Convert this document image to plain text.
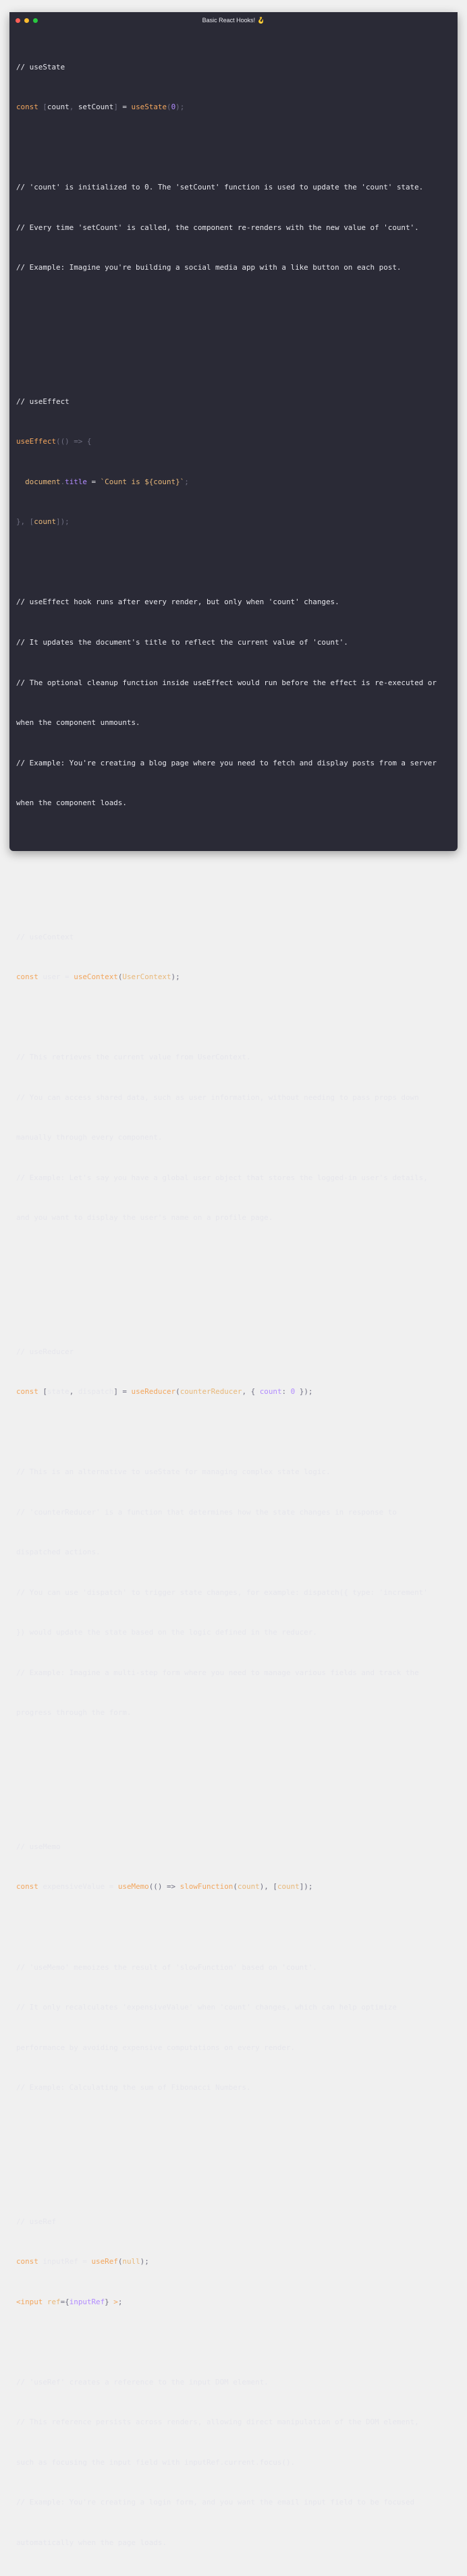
Basic React Hooks! 🪝

// useState

const [count, setCount] = useState(0);

// 'count' is initialized to 0. The 'setCount' function is used to update the 'count' state.

// Every time 'setCount' is called, the component re-renders with the new value of 'count'.

// Example: Imagine you're building a social media app with a like button on each post.

// useEffect

useEffect(() => {

document.title = `Count is ${count}`;

}, [count]);

// useEffect hook runs after every render, but only when 'count' changes.

// It updates the document's title to reflect the current value of 'count'.

// The optional cleanup function inside useEffect would run before the effect is re-executed or

when the component unmounts.

// Example: You're creating a blog page where you need to fetch and display posts from a server

when the component loads.

// useContext

const user = useContext(UserContext);

// This retrieves the current value from UserContext.

// You can access shared data, such as user information, without needing to pass props down

manually through every component.

// Example: Let's say you have a global user object that stores the logged-in user's details,

and you want to display the user's name on a profile page.

// useReducer

const [state, dispatch] = useReducer(counterReducer, { count: 0 });

// This is an alternative to useState for managing complex state logic.

// 'counterReducer' is a function that determines how the state changes in response to

dispatched actions.

// You can use 'dispatch' to trigger state changes, for example: dispatch({ type: 'increment'

}) would update the state based on the logic defined in the reducer.

// Example: Imagine a multi-step form where you need to manage various fields and track the

progress through the form.

// useMemo

const expensiveValue = useMemo(() => slowFunction(count), [count]);

// 'useMemo' memoizes the result of 'slowFunction' based on 'count'.

// It only recalculates 'expensiveValue' when 'count' changes, which can help optimize

performance by avoiding expensive computations on every render.

// Example: Calculating the sum of Fibonacci Numbers.

// useRef

const inputRef = useRef(null);

<input ref={inputRef} >;

// 'useRef' creates a reference to the input DOM element.

// This reference persists across renders, allowing direct manipulation of the DOM element,

such as focusing the input field with inputRef.current.focus().

// Example: You're creating a login form, and you want the email input field to be focused

automatically when the page loads.
